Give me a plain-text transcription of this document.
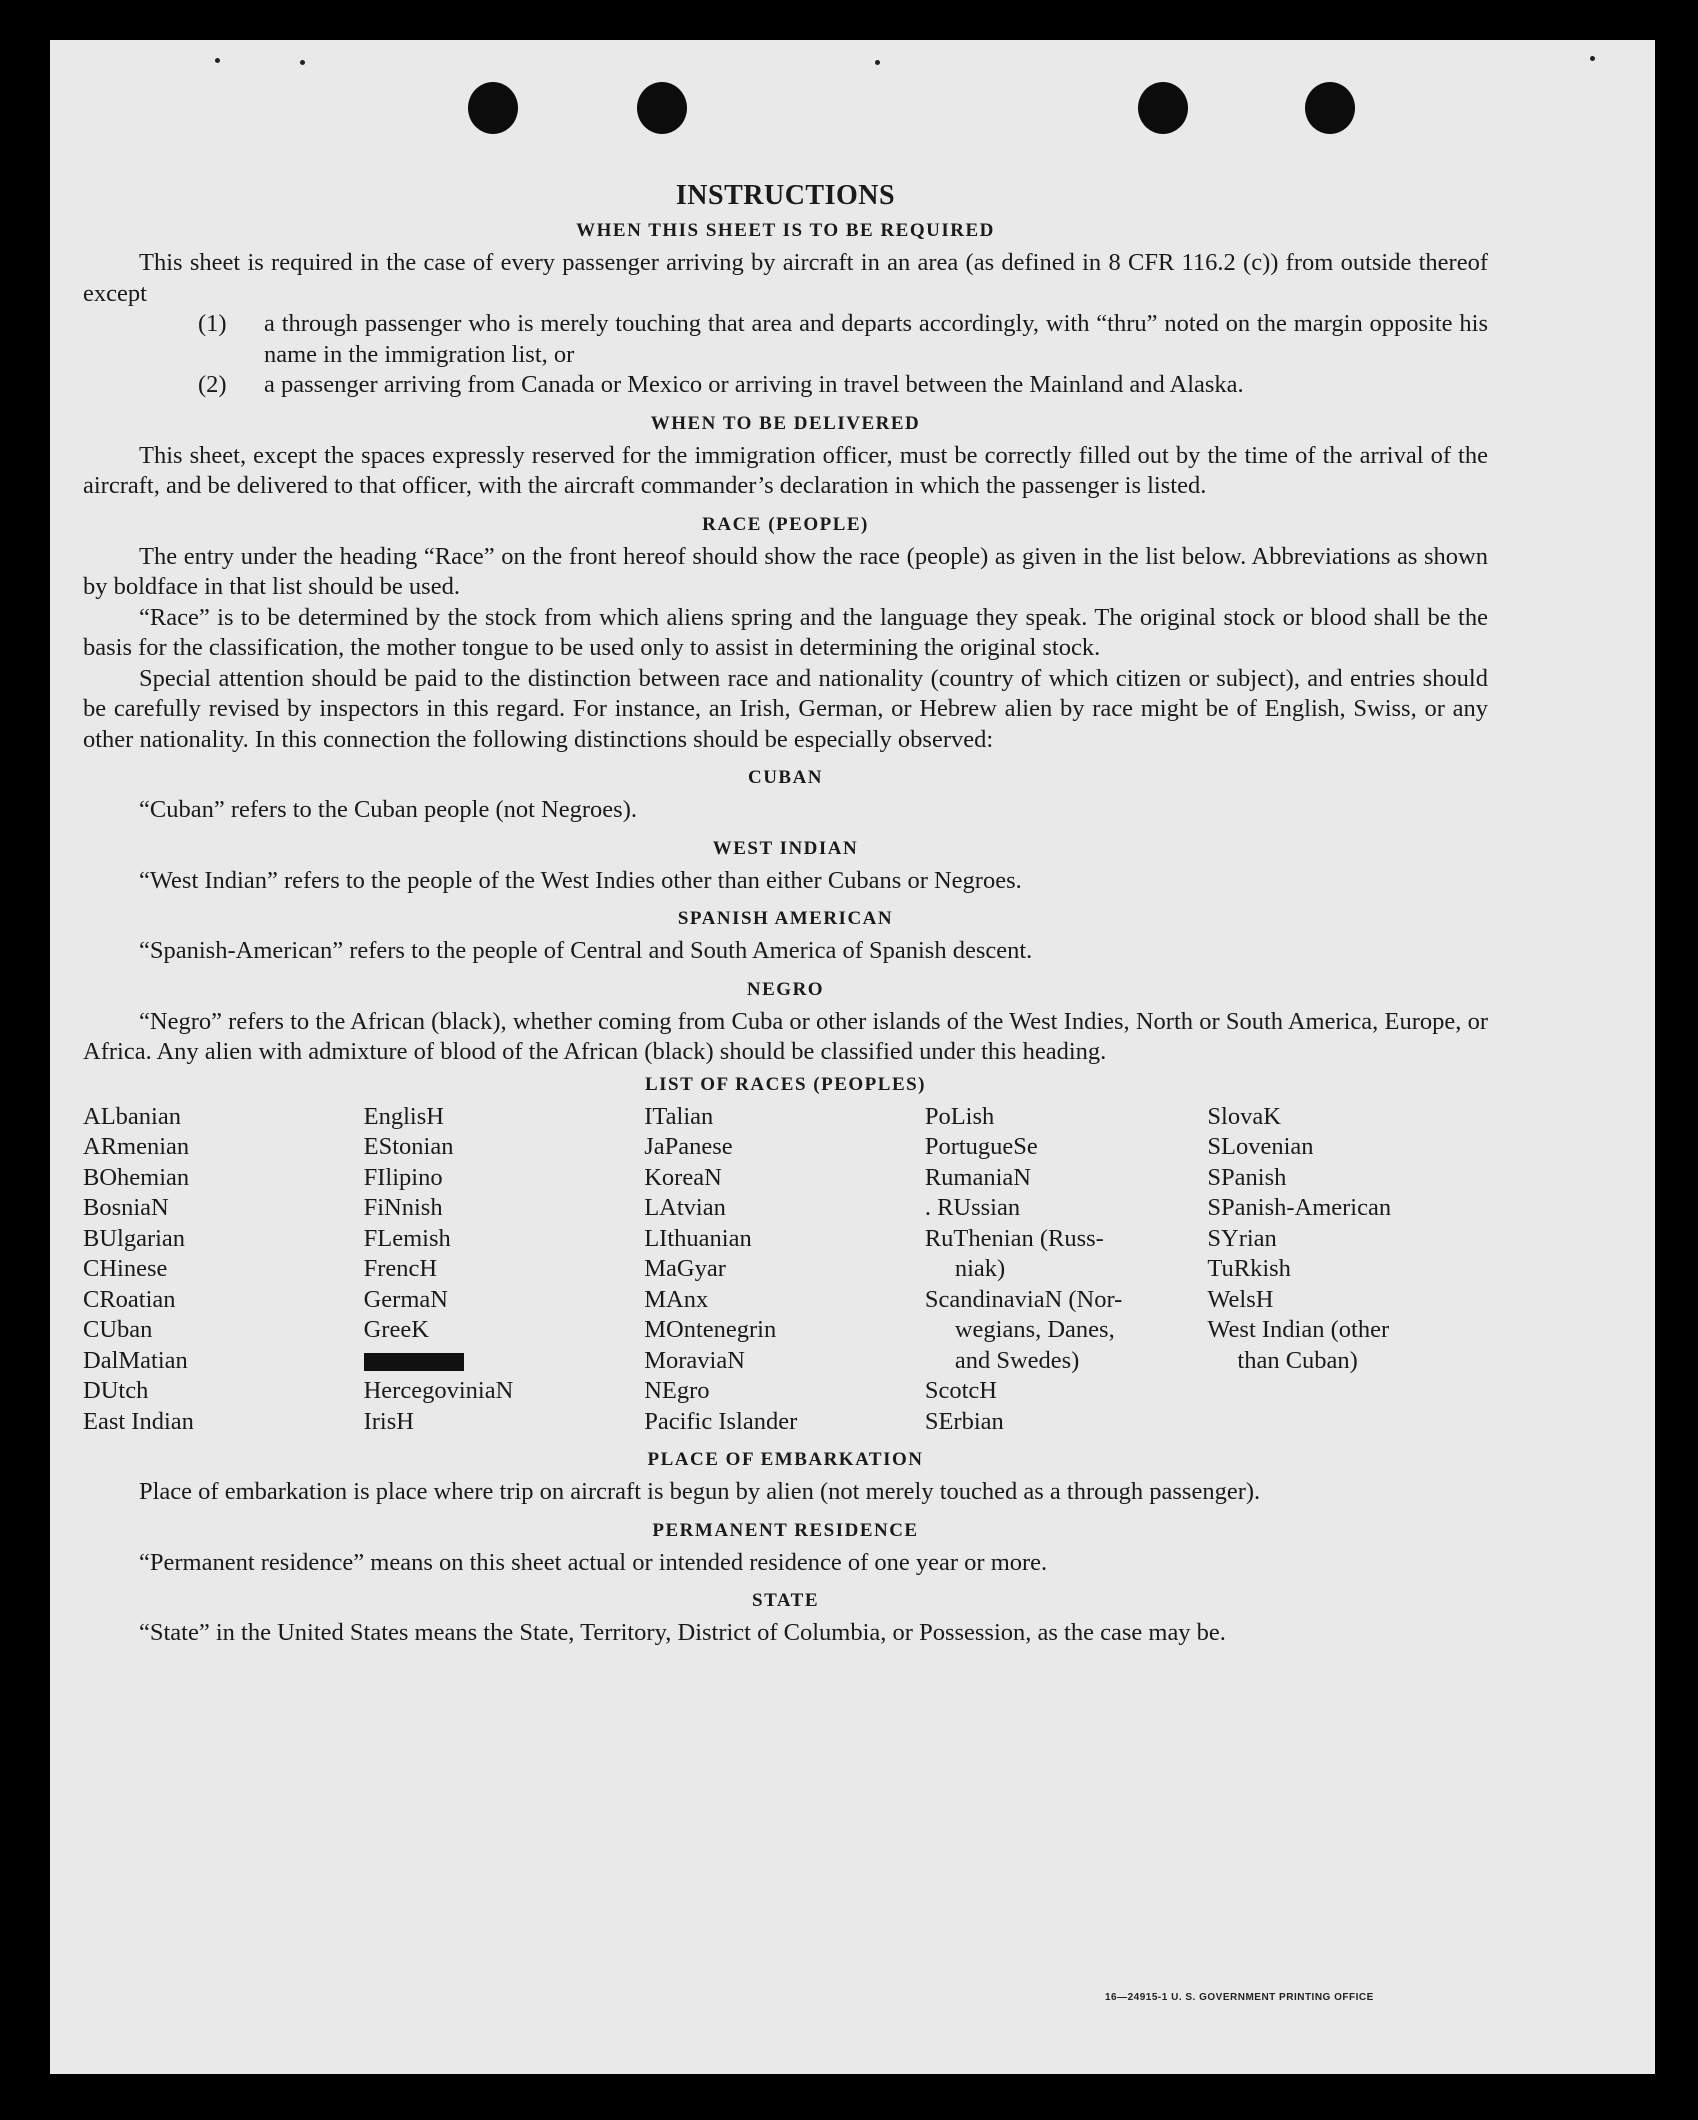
INSTRUCTIONS
WHEN THIS SHEET IS TO BE REQUIRED

This sheet is required in the case of every passenger arriving by aircraft in an area (as defined in 8 CFR 116.2 (c)) from outside thereof except

(1)	a through passenger who is merely touching that area and departs accordingly, with “thru” noted on the margin opposite his name in the immigration list, or
(2)	a passenger arriving from Canada or Mexico or arriving in travel between the Mainland and Alaska.
WHEN TO BE DELIVERED

This sheet, except the spaces expressly reserved for the immigration officer, must be correctly filled out by the time of the arrival of the aircraft, and be delivered to that officer, with the aircraft commander’s declaration in which the passenger is listed.

RACE (PEOPLE)

The entry under the heading “Race” on the front hereof should show the race (people) as given in the list below. Abbreviations as shown by boldface in that list should be used.

“Race” is to be determined by the stock from which aliens spring and the language they speak. The original stock or blood shall be the basis for the classification, the mother tongue to be used only to assist in determining the original stock.

Special attention should be paid to the distinction between race and nationality (country of which citizen or subject), and entries should be carefully revised by inspectors in this regard. For instance, an Irish, German, or Hebrew alien by race might be of English, Swiss, or any other nationality. In this connection the following distinctions should be especially observed:

CUBAN

“Cuban” refers to the Cuban people (not Negroes).

WEST INDIAN

“West Indian” refers to the people of the West Indies other than either Cubans or Negroes.

SPANISH AMERICAN

“Spanish-American” refers to the people of Central and South America of Spanish descent.

NEGRO

“Negro” refers to the African (black), whether coming from Cuba or other islands of the West Indies, North or South America, Europe, or Africa. Any alien with admixture of blood of the African (black) should be classified under this heading.

LIST OF RACES (PEOPLES)
ALbanian
ARmenian
BOhemian
BosniaN
BUlgarian
CHinese
CRoatian
CUban
DalMatian
DUtch
East Indian
EnglisH
EStonian
FIlipino
FiNnish
FLemish
FrencH
GermaN
GreeK
HercegoviniaN
IrisH
ITalian
JaPanese
KoreaN
LAtvian
LIthuanian
MaGyar
MAnx
MOntenegrin
MoraviaN
NEgro
Pacific Islander
PoLish
PortugueSe
RumaniaN
. RUssian
RuThenian (Russ-
niak)
ScandinaviaN (Nor-
wegians, Danes,
and Swedes)
ScotcH
SErbian
SlovaK
SLovenian
SPanish
SPanish-American
SYrian
TuRkish
WelsH
West Indian (other
than Cuban)
PLACE OF EMBARKATION

Place of embarkation is place where trip on aircraft is begun by alien (not merely touched as a through passenger).

PERMANENT RESIDENCE

“Permanent residence” means on this sheet actual or intended residence of one year or more.

STATE

“State” in the United States means the State, Territory, District of Columbia, or Possession, as the case may be.

16—24915-1 U. S. GOVERNMENT PRINTING OFFICE
